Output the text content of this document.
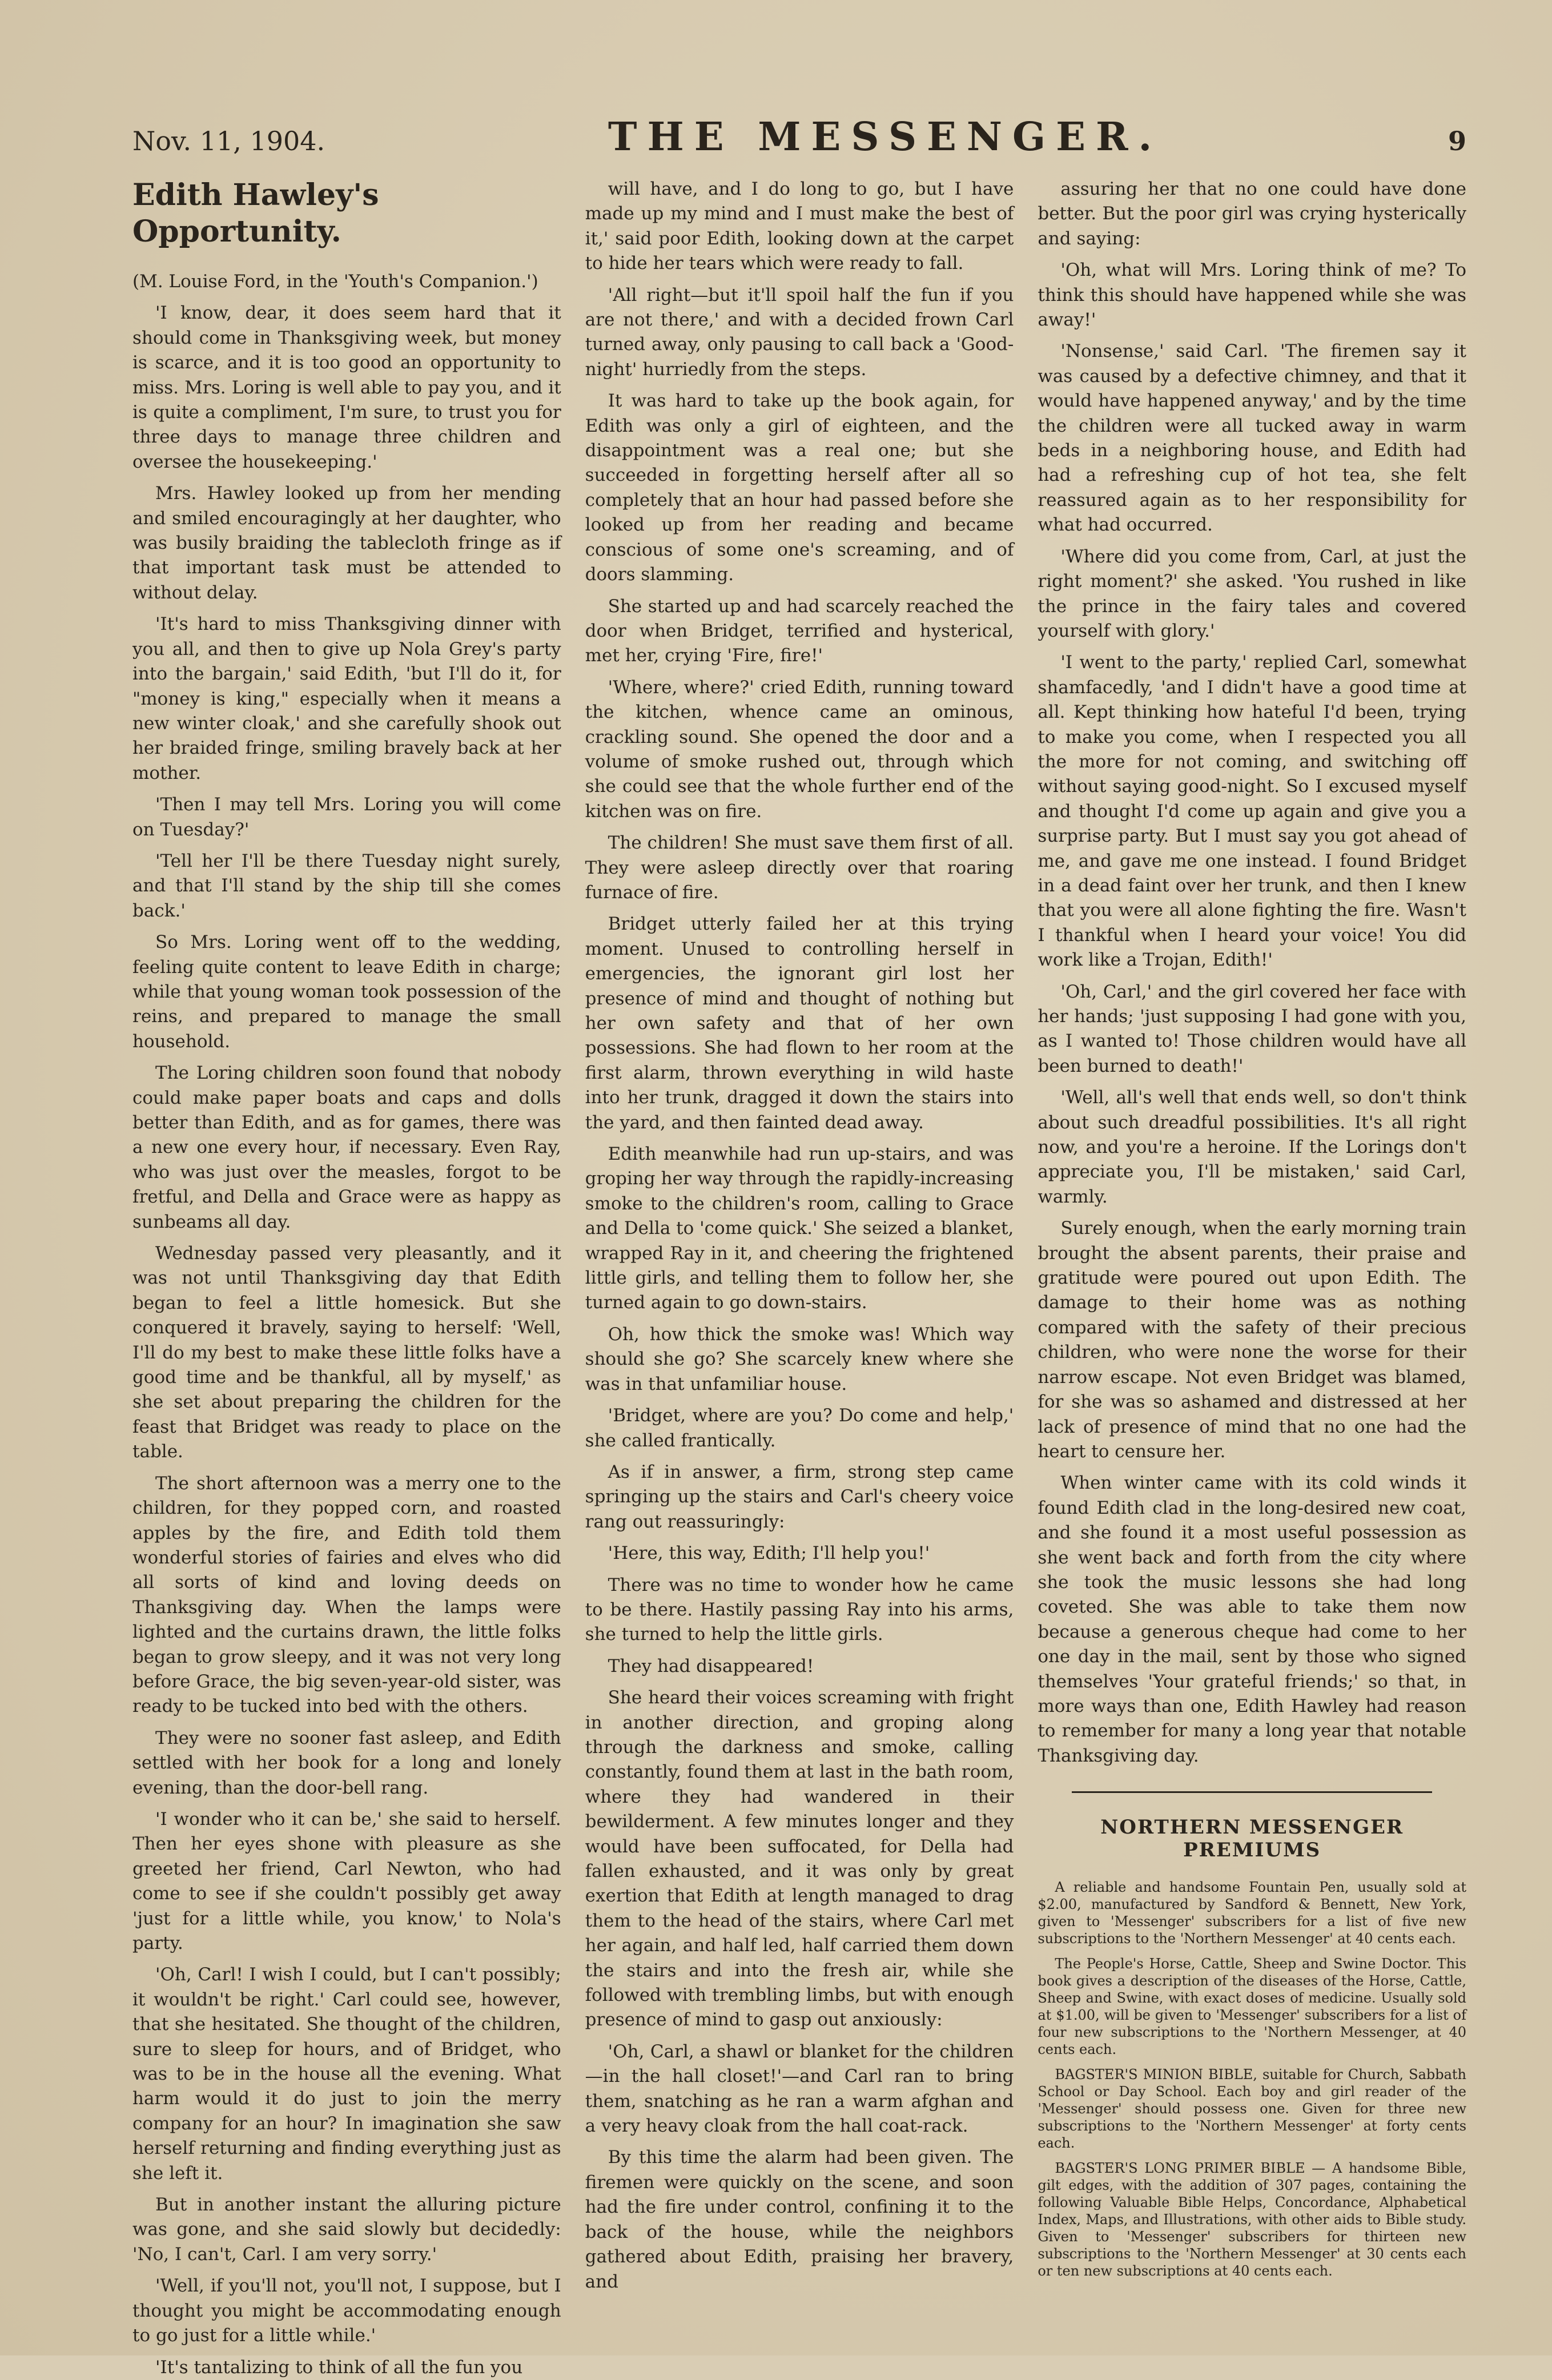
Nov. 11, 1904.	THE MESSENGER.	9
Edith Hawley's Opportunity.

(M. Louise Ford, in the 'Youth's Companion.')

'I know, dear, it does seem hard that it should come in Thanksgiving week, but money is scarce, and it is too good an opportunity to miss. Mrs. Loring is well able to pay you, and it is quite a compliment, I'm sure, to trust you for three days to manage three children and oversee the housekeeping.'

Mrs. Hawley looked up from her mending and smiled encouragingly at her daughter, who was busily braiding the tablecloth fringe as if that important task must be attended to without delay.

'It's hard to miss Thanksgiving dinner with you all, and then to give up Nola Grey's party into the bargain,' said Edith, 'but I'll do it, for "money is king," especially when it means a new winter cloak,' and she carefully shook out her braided fringe, smiling bravely back at her mother.

'Then I may tell Mrs. Loring you will come on Tuesday?'

'Tell her I'll be there Tuesday night surely, and that I'll stand by the ship till she comes back.'

So Mrs. Loring went off to the wedding, feeling quite content to leave Edith in charge; while that young woman took possession of the reins, and prepared to manage the small household.

The Loring children soon found that nobody could make paper boats and caps and dolls better than Edith, and as for games, there was a new one every hour, if necessary. Even Ray, who was just over the measles, forgot to be fretful, and Della and Grace were as happy as sunbeams all day.

Wednesday passed very pleasantly, and it was not until Thanksgiving day that Edith began to feel a little homesick. But she conquered it bravely, saying to herself: 'Well, I'll do my best to make these little folks have a good time and be thankful, all by myself,' as she set about preparing the children for the feast that Bridget was ready to place on the table.

The short afternoon was a merry one to the children, for they popped corn, and roasted apples by the fire, and Edith told them wonderful stories of fairies and elves who did all sorts of kind and loving deeds on Thanksgiving day. When the lamps were lighted and the curtains drawn, the little folks began to grow sleepy, and it was not very long before Grace, the big seven-year-old sister, was ready to be tucked into bed with the others.

They were no sooner fast asleep, and Edith settled with her book for a long and lonely evening, than the door-bell rang.

'I wonder who it can be,' she said to herself. Then her eyes shone with pleasure as she greeted her friend, Carl Newton, who had come to see if she couldn't possibly get away 'just for a little while, you know,' to Nola's party.

'Oh, Carl! I wish I could, but I can't possibly; it wouldn't be right.' Carl could see, however, that she hesitated. She thought of the children, sure to sleep for hours, and of Bridget, who was to be in the house all the evening. What harm would it do just to join the merry company for an hour? In imagination she saw herself returning and finding everything just as she left it.

But in another instant the alluring picture was gone, and she said slowly but decidedly: 'No, I can't, Carl. I am very sorry.'

'Well, if you'll not, you'll not, I suppose, but I thought you might be accommodating enough to go just for a little while.'

'It's tantalizing to think of all the fun you

will have, and I do long to go, but I have made up my mind and I must make the best of it,' said poor Edith, looking down at the carpet to hide her tears which were ready to fall.

'All right—but it'll spoil half the fun if you are not there,' and with a decided frown Carl turned away, only pausing to call back a 'Good-night' hurriedly from the steps.

It was hard to take up the book again, for Edith was only a girl of eighteen, and the disappointment was a real one; but she succeeded in forgetting herself after all so completely that an hour had passed before she looked up from her reading and became conscious of some one's screaming, and of doors slamming.

She started up and had scarcely reached the door when Bridget, terrified and hysterical, met her, crying 'Fire, fire!'

'Where, where?' cried Edith, running toward the kitchen, whence came an ominous, crackling sound. She opened the door and a volume of smoke rushed out, through which she could see that the whole further end of the kitchen was on fire.

The children! She must save them first of all. They were asleep directly over that roaring furnace of fire.

Bridget utterly failed her at this trying moment. Unused to controlling herself in emergencies, the ignorant girl lost her presence of mind and thought of nothing but her own safety and that of her own possessions. She had flown to her room at the first alarm, thrown everything in wild haste into her trunk, dragged it down the stairs into the yard, and then fainted dead away.

Edith meanwhile had run up-stairs, and was groping her way through the rapidly-increasing smoke to the children's room, calling to Grace and Della to 'come quick.' She seized a blanket, wrapped Ray in it, and cheering the frightened little girls, and telling them to follow her, she turned again to go down-stairs.

Oh, how thick the smoke was! Which way should she go? She scarcely knew where she was in that unfamiliar house.

'Bridget, where are you? Do come and help,' she called frantically.

As if in answer, a firm, strong step came springing up the stairs and Carl's cheery voice rang out reassuringly:

'Here, this way, Edith; I'll help you!'

There was no time to wonder how he came to be there. Hastily passing Ray into his arms, she turned to help the little girls.

They had disappeared!

She heard their voices screaming with fright in another direction, and groping along through the darkness and smoke, calling constantly, found them at last in the bath room, where they had wandered in their bewilderment. A few minutes longer and they would have been suffocated, for Della had fallen exhausted, and it was only by great exertion that Edith at length managed to drag them to the head of the stairs, where Carl met her again, and half led, half carried them down the stairs and into the fresh air, while she followed with trembling limbs, but with enough presence of mind to gasp out anxiously:

'Oh, Carl, a shawl or blanket for the children—in the hall closet!'—and Carl ran to bring them, snatching as he ran a warm afghan and a very heavy cloak from the hall coat-rack.

By this time the alarm had been given. The firemen were quickly on the scene, and soon had the fire under control, confining it to the back of the house, while the neighbors gathered about Edith, praising her bravery, and

assuring her that no one could have done better. But the poor girl was crying hysterically and saying:

'Oh, what will Mrs. Loring think of me? To think this should have happened while she was away!'

'Nonsense,' said Carl. 'The firemen say it was caused by a defective chimney, and that it would have happened anyway,' and by the time the children were all tucked away in warm beds in a neighboring house, and Edith had had a refreshing cup of hot tea, she felt reassured again as to her responsibility for what had occurred.

'Where did you come from, Carl, at just the right moment?' she asked. 'You rushed in like the prince in the fairy tales and covered yourself with glory.'

'I went to the party,' replied Carl, somewhat shamfacedly, 'and I didn't have a good time at all. Kept thinking how hateful I'd been, trying to make you come, when I respected you all the more for not coming, and switching off without saying good-night. So I excused myself and thought I'd come up again and give you a surprise party. But I must say you got ahead of me, and gave me one instead. I found Bridget in a dead faint over her trunk, and then I knew that you were all alone fighting the fire. Wasn't I thankful when I heard your voice! You did work like a Trojan, Edith!'

'Oh, Carl,' and the girl covered her face with her hands; 'just supposing I had gone with you, as I wanted to! Those children would have all been burned to death!'

'Well, all's well that ends well, so don't think about such dreadful possibilities. It's all right now, and you're a heroine. If the Lorings don't appreciate you, I'll be mistaken,' said Carl, warmly.

Surely enough, when the early morning train brought the absent parents, their praise and gratitude were poured out upon Edith. The damage to their home was as nothing compared with the safety of their precious children, who were none the worse for their narrow escape. Not even Bridget was blamed, for she was so ashamed and distressed at her lack of presence of mind that no one had the heart to censure her.

When winter came with its cold winds it found Edith clad in the long-desired new coat, and she found it a most useful possession as she went back and forth from the city where she took the music lessons she had long coveted. She was able to take them now because a generous cheque had come to her one day in the mail, sent by those who signed themselves 'Your grateful friends;' so that, in more ways than one, Edith Hawley had reason to remember for many a long year that notable Thanksgiving day.

NORTHERN MESSENGER PREMIUMS

A reliable and handsome Fountain Pen, usually sold at $2.00, manufactured by Sandford & Bennett, New York, given to 'Messenger' subscribers for a list of five new subscriptions to the 'Northern Messenger' at 40 cents each.

The People's Horse, Cattle, Sheep and Swine Doctor. This book gives a description of the diseases of the Horse, Cattle, Sheep and Swine, with exact doses of medicine. Usually sold at $1.00, will be given to 'Messenger' subscribers for a list of four new subscriptions to the 'Northern Messenger, at 40 cents each.

BAGSTER'S MINION BIBLE, suitable for Church, Sabbath School or Day School. Each boy and girl reader of the 'Messenger' should possess one. Given for three new subscriptions to the 'Northern Messenger' at forty cents each.

BAGSTER'S LONG PRIMER BIBLE — A handsome Bible, gilt edges, with the addition of 307 pages, containing the following Valuable Bible Helps, Concordance, Alphabetical Index, Maps, and Illustrations, with other aids to Bible study. Given to 'Messenger' subscribers for thirteen new subscriptions to the 'Northern Messenger' at 30 cents each or ten new subscriptions at 40 cents each.
